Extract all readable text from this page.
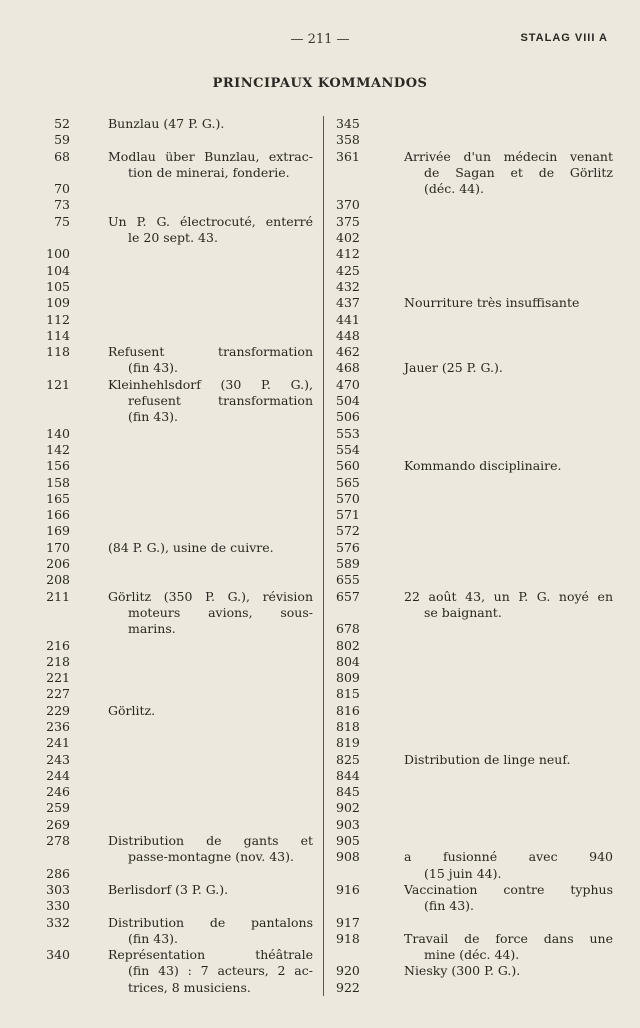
— 211 —	STALAG VIII A
PRINCIPAUX KOMMANDOS
52	Bunzlau (47 P. G.).
59
68	Modlau über Bunzlau, extrac-
tion de minerai, fonderie.
70
73
75	Un P. G. électrocuté, enterré
le 20 sept. 43.
100
104
105
109
112
114
118	Refusent transformation
(fin 43).
121	Kleinhehlsdorf (30 P. G.),
refusent transformation
(fin 43).
140
142
156
158
165
166
169
170	(84 P. G.), usine de cuivre.
206
208
211	Görlitz (350 P. G.), révision
moteurs avions, sous-
marins.
216
218
221
227
229	Görlitz.
236
241
243
244
246
259
269
278	Distribution de gants et
passe-montagne (nov. 43).
286
303	Berlisdorf (3 P. G.).
330
332	Distribution de pantalons
(fin 43).
340	Représentation théâtrale
(fin 43) : 7 acteurs, 2 ac-
trices, 8 musiciens.
345
358
361	Arrivée d'un médecin venant
de Sagan et de Görlitz
(déc. 44).
370
375
402
412
425
432
437	Nourriture très insuffisante
441
448
462
468	Jauer (25 P. G.).
470
504
506
553
554
560	Kommando disciplinaire.
565
570
571
572
576
589
655
657	22 août 43, un P. G. noyé en
se baignant.
678
802
804
809
815
816
818
819
825	Distribution de linge neuf.
844
845
902
903
905
908	a fusionné avec 940
(15 juin 44).
916	Vaccination contre typhus
(fin 43).
917
918	Travail de force dans une
mine (déc. 44).
920	Niesky (300 P. G.).
922
